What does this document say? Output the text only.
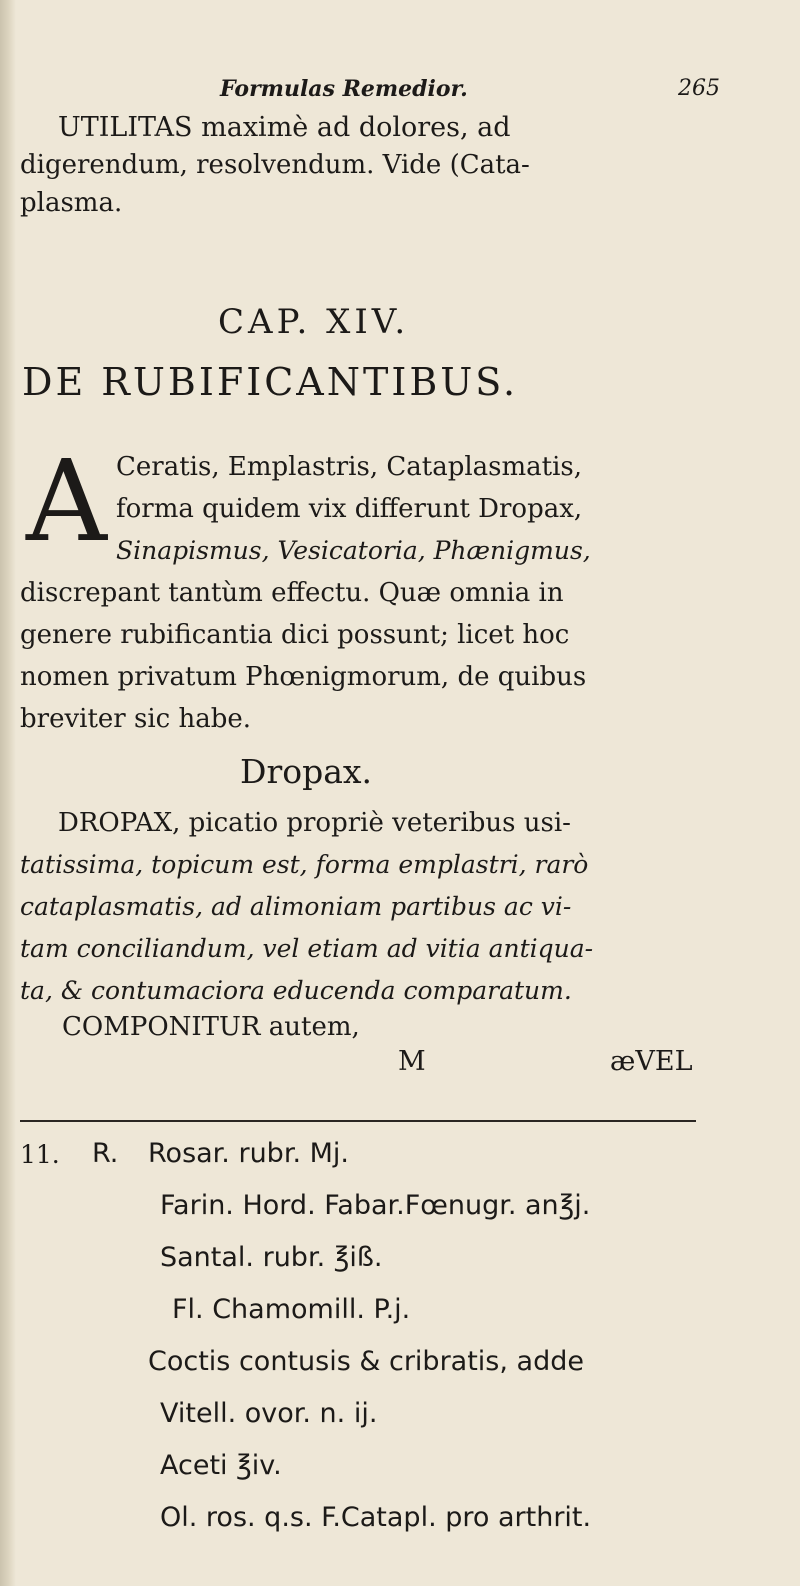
Formulas Remedior.	265
UTILITAS maximè ad dolores, ad
digerendum, resolvendum. Vide (Cata-
plasma.
CAP. XIV.
DE RUBIFICANTIBUS.
A Ceratis, Emplastris, Cataplasmatis,
forma quidem vix differunt Dropax,
Sinapismus, Vesicatoria, Phænigmus,
discrepant tantùm effectu. Quæ omnia in
genere rubificantia dici possunt; licet hoc
nomen privatum Phœnigmorum, de quibus
breviter sic habe.
Dropax.
DROPAX, picatio propriè veteribus usi-
tatissima, topicum est, forma emplastri, rarò
cataplasmatis, ad alimoniam partibus ac vi-
tam conciliandum, vel etiam ad vitia antiqua-
ta, & contumaciora educenda comparatum.
COMPONITUR autem,
M	æVEL
11. R. Rosar. rubr. Mj.
Farin. Hord. Fabar.Fœnugr. an℥j.
Santal. rubr. ℥iß.
Fl. Chamomill. P.j.
Coctis contusis & cribratis, adde
Vitell. ovor. n. ij.
Aceti ℥iv.
Ol. ros. q.s. F.Catapl. pro arthrit.
